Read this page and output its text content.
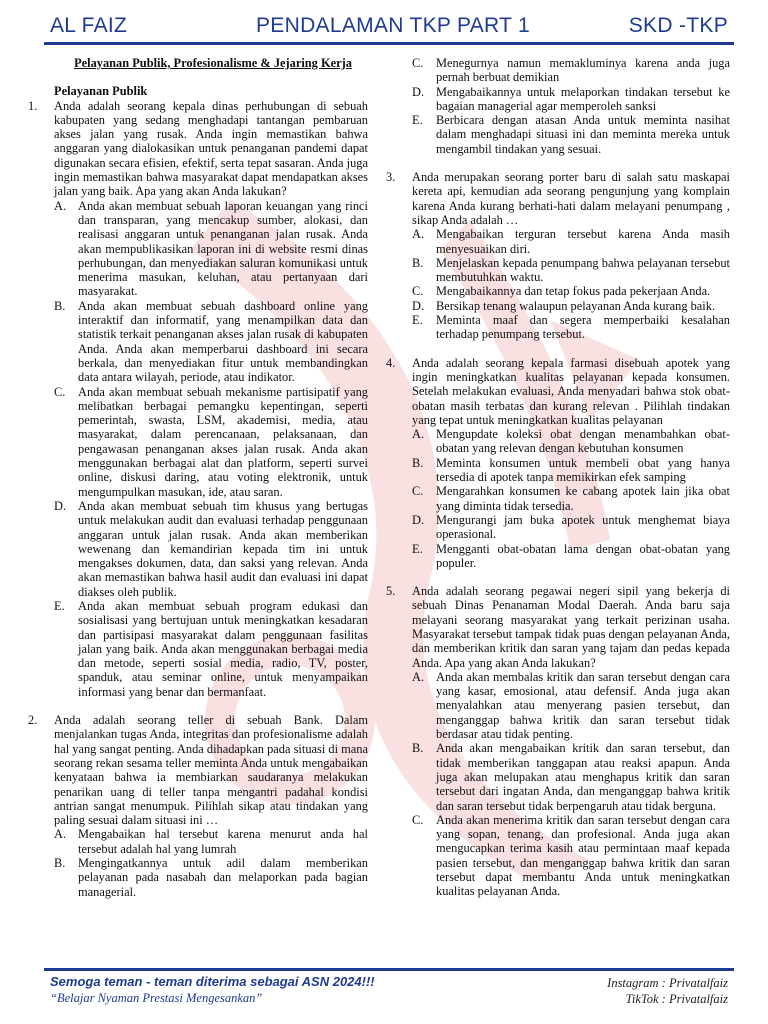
AL FAIZ	PENDALAMAN TKP PART 1	SKD -TKP
Pelayanan Publik, Profesionalisme & Jejaring Kerja
Pelayanan Publik
1. Anda adalah seorang kepala dinas perhubungan di sebuah kabupaten yang sedang menghadapi tantangan pembaruan akses jalan yang rusak. Anda ingin memastikan bahwa anggaran yang dialokasikan untuk penanganan pandemi dapat digunakan secara efisien, efektif, serta tepat sasaran. Anda juga ingin memastikan bahwa masyarakat dapat mendapatkan akses jalan yang baik. Apa yang akan Anda lakukan?

A. Anda akan membuat sebuah laporan keuangan yang rinci dan transparan, yang mencakup sumber, alokasi, dan realisasi anggaran untuk penanganan jalan rusak. Anda akan mempublikasikan laporan ini di website resmi dinas perhubungan, dan menyediakan saluran komunikasi untuk menerima masukan, keluhan, atau pertanyaan dari masyarakat.
B. Anda akan membuat sebuah dashboard online yang interaktif dan informatif, yang menampilkan data dan statistik terkait penanganan akses jalan rusak di kabupaten Anda. Anda akan memperbarui dashboard ini secara berkala, dan menyediakan fitur untuk membandingkan data antara wilayah, periode, atau indikator.
C. Anda akan membuat sebuah mekanisme partisipatif yang melibatkan berbagai pemangku kepentingan, seperti pemerintah, swasta, LSM, akademisi, media, atau masyarakat, dalam perencanaan, pelaksanaan, dan pengawasan penanganan akses jalan rusak. Anda akan menggunakan berbagai alat dan platform, seperti survei online, diskusi daring, atau voting elektronik, untuk mengumpulkan masukan, ide, atau saran.
D. Anda akan membuat sebuah tim khusus yang bertugas untuk melakukan audit dan evaluasi terhadap penggunaan anggaran untuk jalan rusak. Anda akan memberikan wewenang dan kemandirian kepada tim ini untuk mengakses dokumen, data, dan saksi yang relevan. Anda akan memastikan bahwa hasil audit dan evaluasi ini dapat diakses oleh publik.
E. Anda akan membuat sebuah program edukasi dan sosialisasi yang bertujuan untuk meningkatkan kesadaran dan partisipasi masyarakat dalam penggunaan fasilitas jalan yang baik. Anda akan menggunakan berbagai media dan metode, seperti sosial media, radio, TV, poster, spanduk, atau seminar online, untuk menyampaikan informasi yang benar dan bermanfaat.
2. Anda adalah seorang teller di sebuah Bank. Dalam menjalankan tugas Anda, integritas dan profesionalisme adalah hal yang sangat penting. Anda dihadapkan pada situasi di mana seorang rekan sesama teller meminta Anda untuk mengabaikan kenyataan bahwa ia membiarkan saudaranya melakukan penarikan uang di teller tanpa mengantri padahal kondisi antrian sangat menumpuk. Pilihlah sikap atau tindakan yang paling sesuai dalam situasi ini …

A. Mengabaikan hal tersebut karena menurut anda hal tersebut adalah hal yang lumrah
B. Mengingatkannya untuk adil dalam memberikan pelayanan pada nasabah dan melaporkan pada bagian managerial.
C. Menegurnya namun memakluminya karena anda juga pernah berbuat demikian
D. Mengabaikannya untuk melaporkan tindakan tersebut ke bagaian managerial agar memperoleh sanksi
E. Berbicara dengan atasan Anda untuk meminta nasihat dalam menghadapi situasi ini dan meminta mereka untuk mengambil tindakan yang sesuai.
3. Anda merupakan seorang porter baru di salah satu maskapai kereta api, kemudian ada seorang pengunjung yang komplain karena Anda kurang berhati-hati dalam melayani penumpang , sikap Anda adalah …

A. Mengabaikan terguran tersebut karena Anda masih menyesuaikan diri.
B. Menjelaskan kepada penumpang bahwa pelayanan tersebut membutuhkan waktu.
C. Mengabaikannya dan tetap fokus pada pekerjaan Anda.
D. Bersikap tenang walaupun pelayanan Anda kurang baik.
E. Meminta maaf dan segera memperbaiki kesalahan terhadap penumpang tersebut.
4. Anda adalah seorang kepala farmasi disebuah apotek yang ingin meningkatkan kualitas pelayanan kepada konsumen. Setelah melakukan evaluasi, Anda menyadari bahwa stok obat-obatan masih terbatas dan kurang relevan . Pilihlah tindakan yang tepat untuk meningkatkan kualitas pelayanan

A. Mengupdate koleksi obat dengan menambahkan obat-obatan yang relevan dengan kebutuhan konsumen
B. Meminta konsumen untuk membeli obat yang hanya tersedia di apotek tanpa memikirkan efek samping
C. Mengarahkan konsumen ke cabang apotek lain jika obat yang diminta tidak tersedia.
D. Mengurangi jam buka apotek untuk menghemat biaya operasional.
E. Mengganti obat-obatan lama dengan obat-obatan yang populer.
5. Anda adalah seorang pegawai negeri sipil yang bekerja di sebuah Dinas Penanaman Modal Daerah. Anda baru saja melayani seorang masyarakat yang terkait perizinan usaha. Masyarakat tersebut tampak tidak puas dengan pelayanan Anda, dan memberikan kritik dan saran yang tajam dan pedas kepada Anda. Apa yang akan Anda lakukan?

A. Anda akan membalas kritik dan saran tersebut dengan cara yang kasar, emosional, atau defensif. Anda juga akan menyalahkan atau menyerang pasien tersebut, dan menganggap bahwa kritik dan saran tersebut tidak berdasar atau tidak penting.
B. Anda akan mengabaikan kritik dan saran tersebut, dan tidak memberikan tanggapan atau reaksi apapun. Anda juga akan melupakan atau menghapus kritik dan saran tersebut dari ingatan Anda, dan menganggap bahwa kritik dan saran tersebut tidak berpengaruh atau tidak berguna.
C. Anda akan menerima kritik dan saran tersebut dengan cara yang sopan, tenang, dan profesional. Anda juga akan mengucapkan terima kasih atau permintaan maaf kepada pasien tersebut, dan menganggap bahwa kritik dan saran tersebut dapat membantu Anda untuk meningkatkan kualitas pelayanan Anda.
Semoga teman - teman diterima sebagai ASN 2024!!!
“Belajar Nyaman Prestasi Mengesankan”
Instagram : Privatalfaiz
TikTok : Privatalfaiz
